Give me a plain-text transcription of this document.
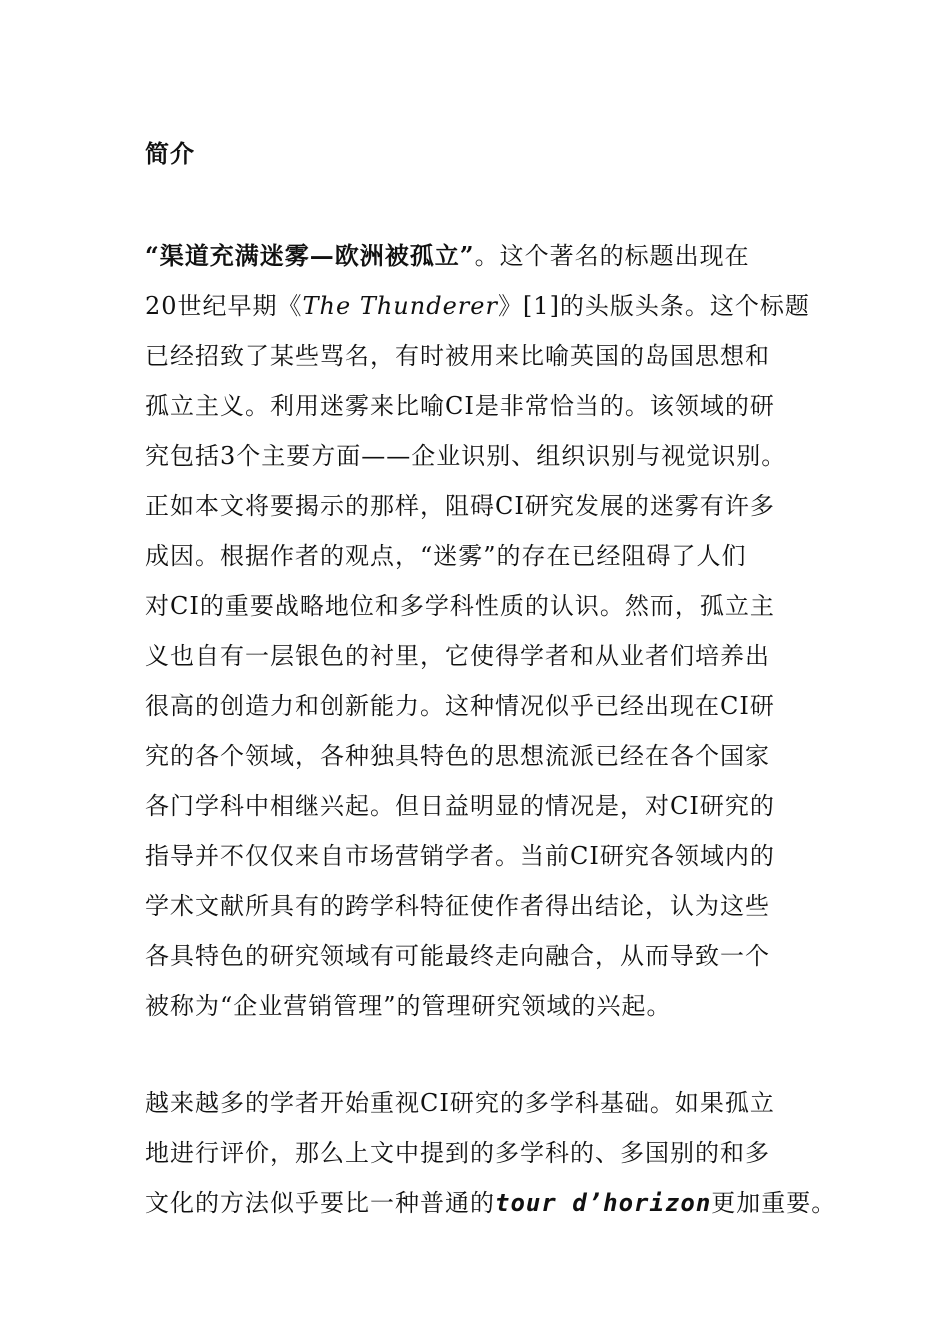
简介
“渠道充满迷雾—欧洲被孤立”。这个著名的标题出现在
20世纪早期《The Thunderer》[1]的头版头条。这个标题
已经招致了某些骂名，有时被用来比喻英国的岛国思想和
孤立主义。利用迷雾来比喻CI是非常恰当的。该领域的研
究包括3个主要方面——企业识别、组织识别与视觉识别。
正如本文将要揭示的那样，阻碍CI研究发展的迷雾有许多
成因。根据作者的观点，“迷雾”的存在已经阻碍了人们
对CI的重要战略地位和多学科性质的认识。然而，孤立主
义也自有一层银色的衬里，它使得学者和从业者们培养出
很高的创造力和创新能力。这种情况似乎已经出现在CI研
究的各个领域，各种独具特色的思想流派已经在各个国家
各门学科中相继兴起。但日益明显的情况是，对CI研究的
指导并不仅仅来自市场营销学者。当前CI研究各领域内的
学术文献所具有的跨学科特征使作者得出结论，认为这些
各具特色的研究领域有可能最终走向融合，从而导致一个
被称为“企业营销管理”的管理研究领域的兴起。
越来越多的学者开始重视CI研究的多学科基础。如果孤立
地进行评价，那么上文中提到的多学科的、多国别的和多
文化的方法似乎要比一种普通的tour d’horizon更加重要。
